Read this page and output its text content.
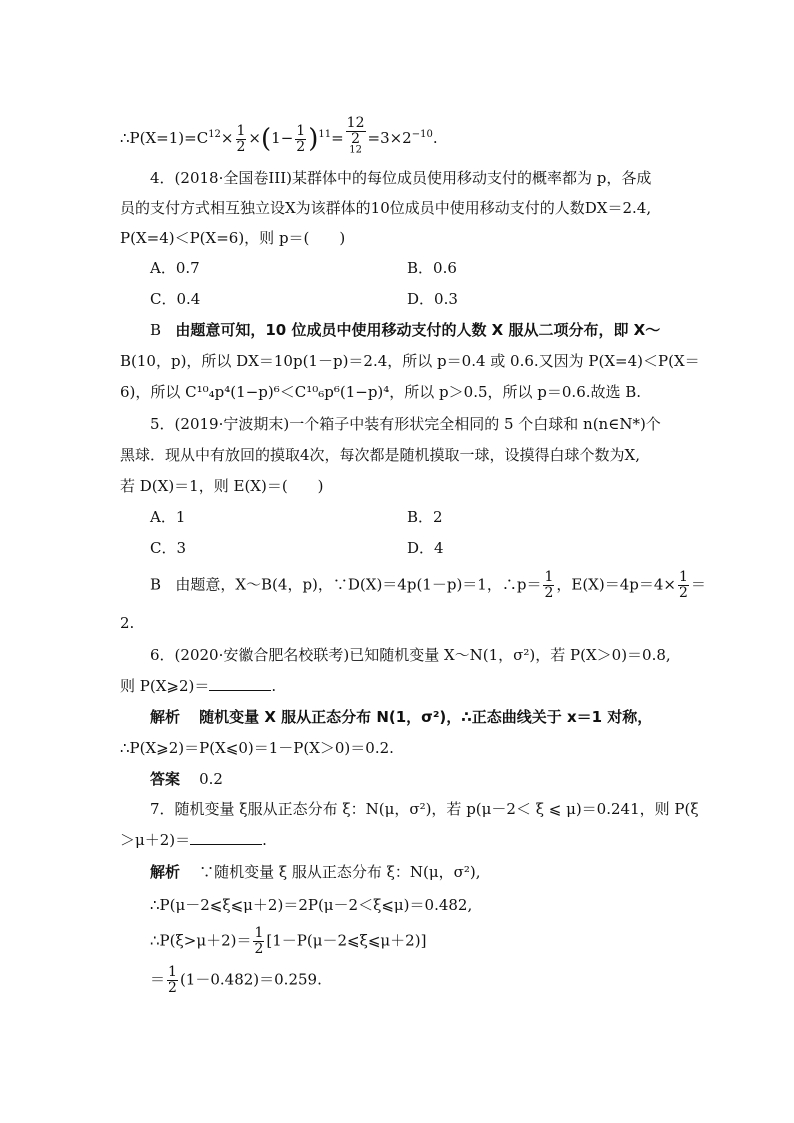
$\therefore P(X=1)=C^{12}\times \frac{1}{2} \times(1- \frac{1}{2} )^{11}= 12$
2
$^{12} =3\times 2^{-10}$.
4．(2018·全国卷III)某群体中的每位成员使用移动支付的概率都为 p，各成
员的支付方式相互独立设X为该群体的10位成员中使用移动支付的人数DX＝2.4,
P(X=4)＜P(X=6)，则 p＝(　　)
A．0.7	B．0.6
C．0.4	D．0.3
B 由题意可知，10 位成员中使用移动支付的人数 X 服从二项分布，即 X～
B(10，p)，所以 DX＝10p(1－p)＝2.4，所以 p＝0.4 或 0.6.又因为 P(X=4)＜P(X＝
6)，所以 C¹⁰₄p⁴(1−p)⁶＜C¹⁰₆p⁶(1−p)⁴，所以 p＞0.5，所以 p＝0.6.故选 B.
5．(2019·宁波期末)一个箱子中装有形状完全相同的 5 个白球和 n(n∈N*)个
黑球．现从中有放回的摸取4次，每次都是随机摸取一球，设摸得白球个数为X,
若 D(X)＝1，则 E(X)＝(　　)
A．1	B．2
C．3	D．4
B 由题意，X～B(4，p)，∵D(X)＝4p(1－p)＝1，∴p＝ $\frac{1}{2}$ ，$E(X)=4p=4\times \frac{1}{2}$ ＝
2.
6．(2020·安徽合肥名校联考)已知随机变量 X～N(1，σ²)，若 P(X＞0)＝0.8,
则 P(X⩾2)＝	.
解析 随机变量 X 服从正态分布 N(1，σ²)，∴正态曲线关于 x＝1 对称，
∴P(X⩾2)＝P(X⩽0)＝1－P(X＞0)＝0.2.
答案 0.2
7．随机变量 ξ服从正态分布 ξ：N(μ，σ²)，若 p(μ－2＜ ξ ⩽ μ)＝0.241，则 P(ξ
＞μ＋2)＝	.
解析 ∵随机变量 ξ 服从正态分布 ξ：N(μ，σ²),
∴P(μ－2⩽ξ⩽μ＋2)＝2P(μ－2＜ξ⩽μ)＝0.482,
∴P(ξ>μ＋2)＝ $\frac{1}{2}$ [1－P(μ－2⩽ξ⩽μ＋2)]
＝ $\frac{1}{2} (1-0.482)=0.259$.
